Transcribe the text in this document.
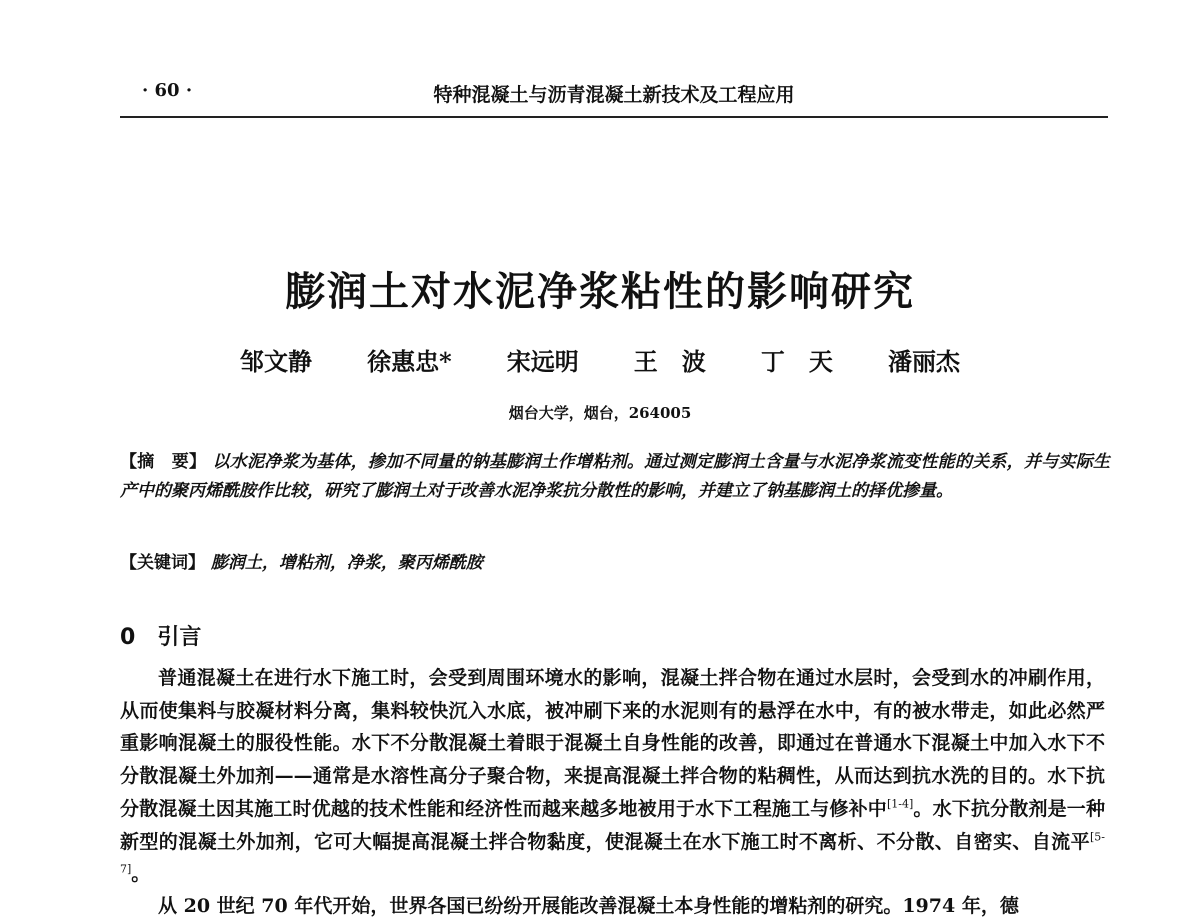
· 60 ·	特种混凝土与沥青混凝土新技术及工程应用
膨润土对水泥净浆粘性的影响研究
邹文静 徐惠忠* 宋远明 王　波 丁　天 潘丽杰
烟台大学，烟台，264005
【摘　要】 以水泥净浆为基体，掺加不同量的钠基膨润土作增粘剂。通过测定膨润土含量与水泥净浆流变性能的关系，并与实际生产中的聚丙烯酰胺作比较，研究了膨润土对于改善水泥净浆抗分散性的影响，并建立了钠基膨润土的择优掺量。
【关键词】 膨润土，增粘剂，净浆，聚丙烯酰胺
0 引言
普通混凝土在进行水下施工时，会受到周围环境水的影响，混凝土拌合物在通过水层时，会受到水的冲刷作用，从而使集料与胶凝材料分离，集料较快沉入水底，被冲刷下来的水泥则有的悬浮在水中，有的被水带走，如此必然严重影响混凝土的服役性能。水下不分散混凝土着眼于混凝土自身性能的改善，即通过在普通水下混凝土中加入水下不分散混凝土外加剂——通常是水溶性高分子聚合物，来提高混凝土拌合物的粘稠性，从而达到抗水洗的目的。水下抗分散混凝土因其施工时优越的技术性能和经济性而越来越多地被用于水下工程施工与修补中[1-4]。水下抗分散剂是一种新型的混凝土外加剂，它可大幅提高混凝土拌合物黏度，使混凝土在水下施工时不离析、不分散、自密实、自流平[5-7]。
从 20 世纪 70 年代开始，世界各国已纷纷开展能改善混凝土本身性能的增粘剂的研究。1974 年，德
